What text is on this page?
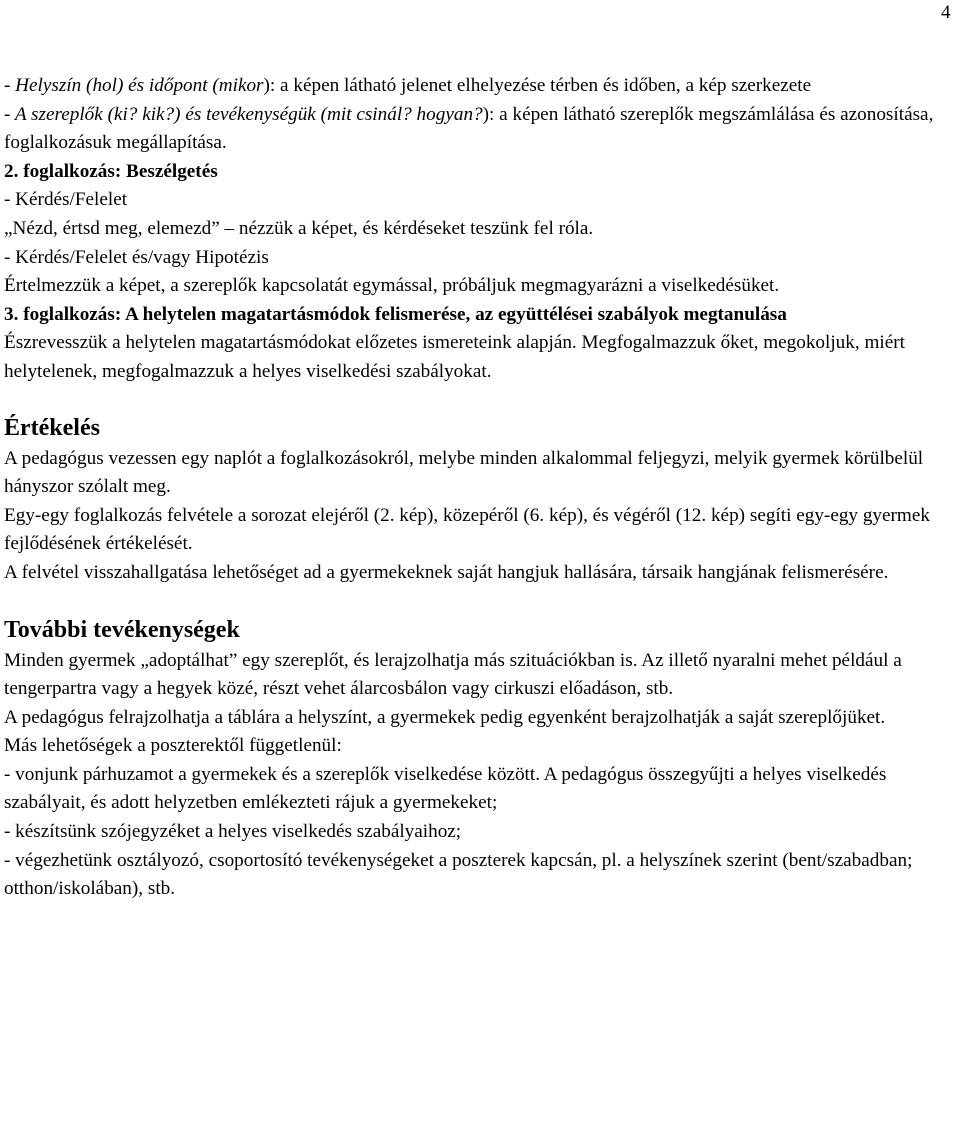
4

- Helyszín (hol) és időpont (mikor): a képen látható jelenet elhelyezése térben és időben, a kép szerkezete

- A szereplők (ki? kik?) és tevékenységük (mit csinál? hogyan?): a képen látható szereplők megszámlálása és azonosítása, foglalkozásuk megállapítása.

2. foglalkozás: Beszélgetés

- Kérdés/Felelet

„Nézd, értsd meg, elemezd” – nézzük a képet, és kérdéseket teszünk fel róla.

- Kérdés/Felelet és/vagy Hipotézis

Értelmezzük a képet, a szereplők kapcsolatát egymással, próbáljuk megmagyarázni a viselkedésüket.

3. foglalkozás: A helytelen magatartásmódok felismerése, az együttélései szabályok megtanulása

Észrevesszük a helytelen magatartásmódokat előzetes ismereteink alapján. Megfogalmazzuk őket, megokoljuk, miért helytelenek, megfogalmazzuk a helyes viselkedési szabályokat.

Értékelés

A pedagógus vezessen egy naplót a foglalkozásokról, melybe minden alkalommal feljegyzi, melyik gyermek körülbelül hányszor szólalt meg.

Egy-egy foglalkozás felvétele a sorozat elejéről (2. kép), közepéről (6. kép), és végéről (12. kép) segíti egy-egy gyermek fejlődésének értékelését.

A felvétel visszahallgatása lehetőséget ad a gyermekeknek saját hangjuk hallására, társaik hangjának felismerésére.

További tevékenységek

Minden gyermek „adoptálhat” egy szereplőt, és lerajzolhatja más szituációkban is. Az illető nyaralni mehet például a tengerpartra vagy a hegyek közé, részt vehet álarcosbálon vagy cirkuszi előadáson, stb.

A pedagógus felrajzolhatja a táblára a helyszínt, a gyermekek pedig egyenként berajzolhatják a saját szereplőjüket.

Más lehetőségek a poszterektől függetlenül:

- vonjunk párhuzamot a gyermekek és a szereplők viselkedése között. A pedagógus összegyűjti a helyes viselkedés szabályait, és adott helyzetben emlékezteti rájuk a gyermekeket;

- készítsünk szójegyzéket a helyes viselkedés szabályaihoz;

- végezhetünk osztályozó, csoportosító tevékenységeket a poszterek kapcsán, pl. a helyszínek szerint (bent/szabadban; otthon/iskolában), stb.
